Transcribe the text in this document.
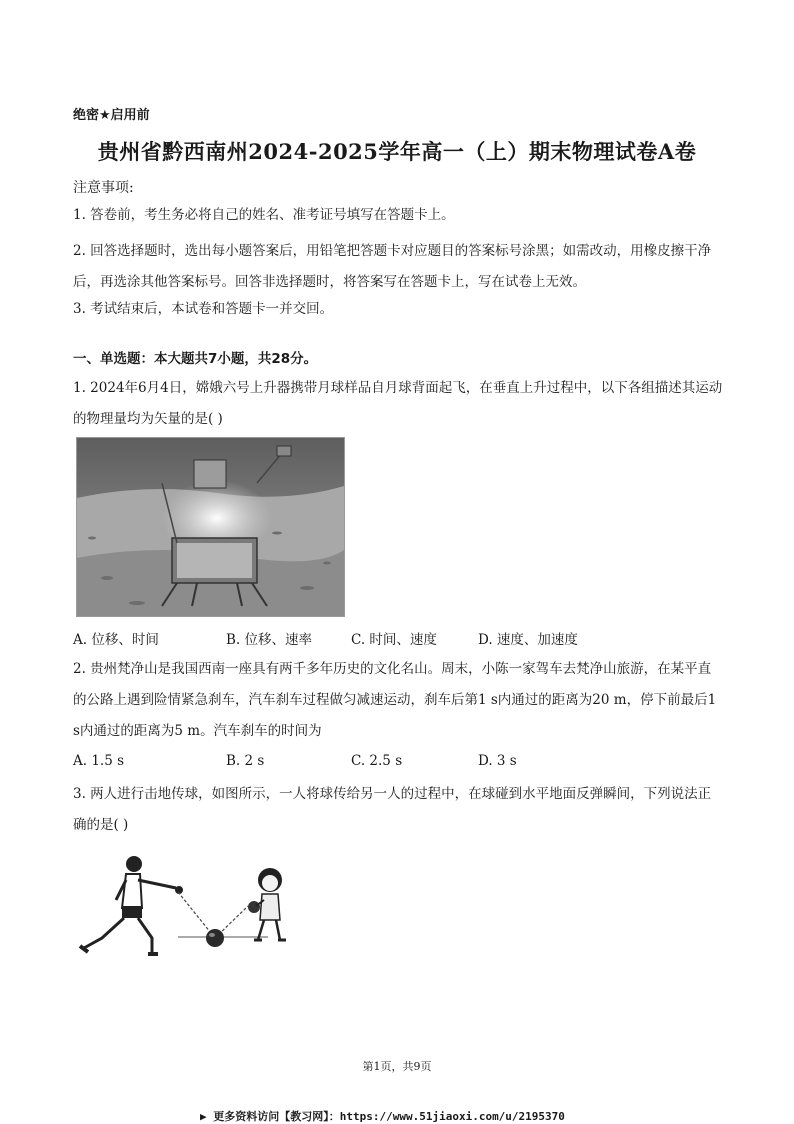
绝密★启用前
贵州省黔西南州2024-2025学年高一（上）期末物理试卷A卷
注意事项:
1. 答卷前，考生务必将自己的姓名、准考证号填写在答题卡上。
2. 回答选择题时，选出每小题答案后，用铅笔把答题卡对应题目的答案标号涂黑；如需改动，用橡皮擦干净后，再选涂其他答案标号。回答非选择题时，将答案写在答题卡上，写在试卷上无效。
3. 考试结束后，本试卷和答题卡一并交回。
一、单选题：本大题共7小题，共28分。
1. 2024年6月4日，嫦娥六号上升器携带月球样品自月球背面起飞，在垂直上升过程中，以下各组描述其运动的物理量均为矢量的是( )
A. 位移、时间	B. 位移、速率	C. 时间、速度	D. 速度、加速度
2. 贵州梵净山是我国西南一座具有两千多年历史的文化名山。周末，小陈一家驾车去梵净山旅游，在某平直的公路上遇到险情紧急刹车，汽车刹车过程做匀减速运动，刹车后第1 s内通过的距离为20 m，停下前最后1 s内通过的距离为5 m。汽车刹车的时间为
A. 1.5 s	B. 2 s	C. 2.5 s	D. 3 s
3. 两人进行击地传球，如图所示，一人将球传给另一人的过程中，在球碰到水平地面反弹瞬间，下列说法正确的是( )
第1页，共9页
▶ 更多资料访问【教习网】：https://www.51jiaoxi.com/u/2195370
